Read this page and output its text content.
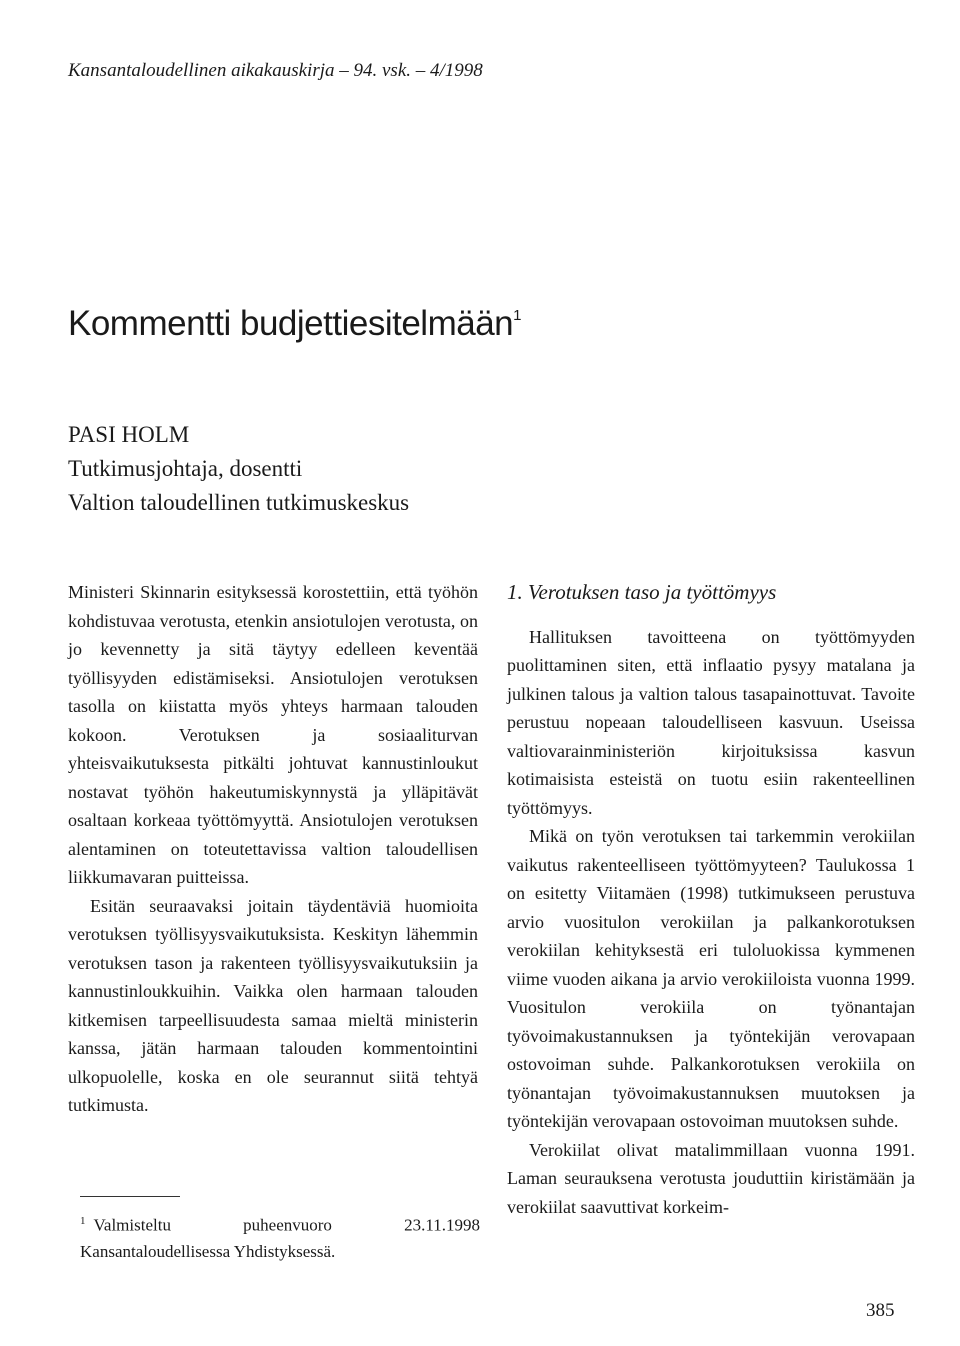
Kansantaloudellinen aikakauskirja – 94. vsk. – 4/1998
Kommentti budjettiesitelmään$^1$
PASI HOLM
Tutkimusjohtaja, dosentti
Valtion taloudellinen tutkimuskeskus

Ministeri Skinnarin esityksessä korostettiin, että työhön kohdistuvaa verotusta, etenkin ansiotulojen verotusta, on jo kevennetty ja sitä täytyy edelleen keventää työllisyyden edistämiseksi. Ansiotulojen verotuksen tasolla on kiistatta myös yhteys harmaan talouden kokoon. Verotuksen ja sosiaaliturvan yhteisvaikutuksesta pitkälti johtuvat kannustinloukut nostavat työhön hakeutumiskynnystä ja ylläpitävät osaltaan korkeaa työttömyyttä. Ansiotulojen verotuksen alentaminen on toteutettavissa valtion taloudellisen liikkumavaran puitteissa.

Esitän seuraavaksi joitain täydentäviä huomioita verotuksen työllisyysvaikutuksista. Keskityn lähemmin verotuksen tason ja rakenteen työllisyysvaikutuksiin ja kannustinloukkuihin. Vaikka olen harmaan talouden kitkemisen tarpeellisuudesta samaa mieltä ministerin kanssa, jätän harmaan talouden kommentointini ulkopuolelle, koska en ole seurannut siitä tehtyä tutkimusta.

1. Verotuksen taso ja työttömyys

Hallituksen tavoitteena on työttömyyden puolittaminen siten, että inflaatio pysyy matalana ja julkinen talous ja valtion talous tasapainottuvat. Tavoite perustuu nopeaan taloudelliseen kasvuun. Useissa valtiovarainministeriön kirjoituksissa kasvun kotimaisista esteistä on tuotu esiin rakenteellinen työttömyys.

Mikä on työn verotuksen tai tarkemmin verokiilan vaikutus rakenteelliseen työttömyyteen? Taulukossa 1 on esitetty Viitamäen (1998) tutkimukseen perustuva arvio vuositulon verokiilan ja palkankorotuksen verokiilan kehityksestä eri tuloluokissa kymmenen viime vuoden aikana ja arvio verokiiloista vuonna 1999. Vuositulon verokiila on työnantajan työvoimakustannuksen ja työntekijän verovapaan ostovoiman suhde. Palkankorotuksen verokiila on työnantajan työvoimakustannuksen muutoksen ja työntekijän verovapaan ostovoiman muutoksen suhde.

Verokiilat olivat matalimmillaan vuonna 1991. Laman seurauksena verotusta jouduttiin kiristämään ja verokiilat saavuttivat korkeim-

$^1$ Valmisteltu puheenvuoro 23.11.1998 Kansantaloudellisessa Yhdistyksessä.
385
